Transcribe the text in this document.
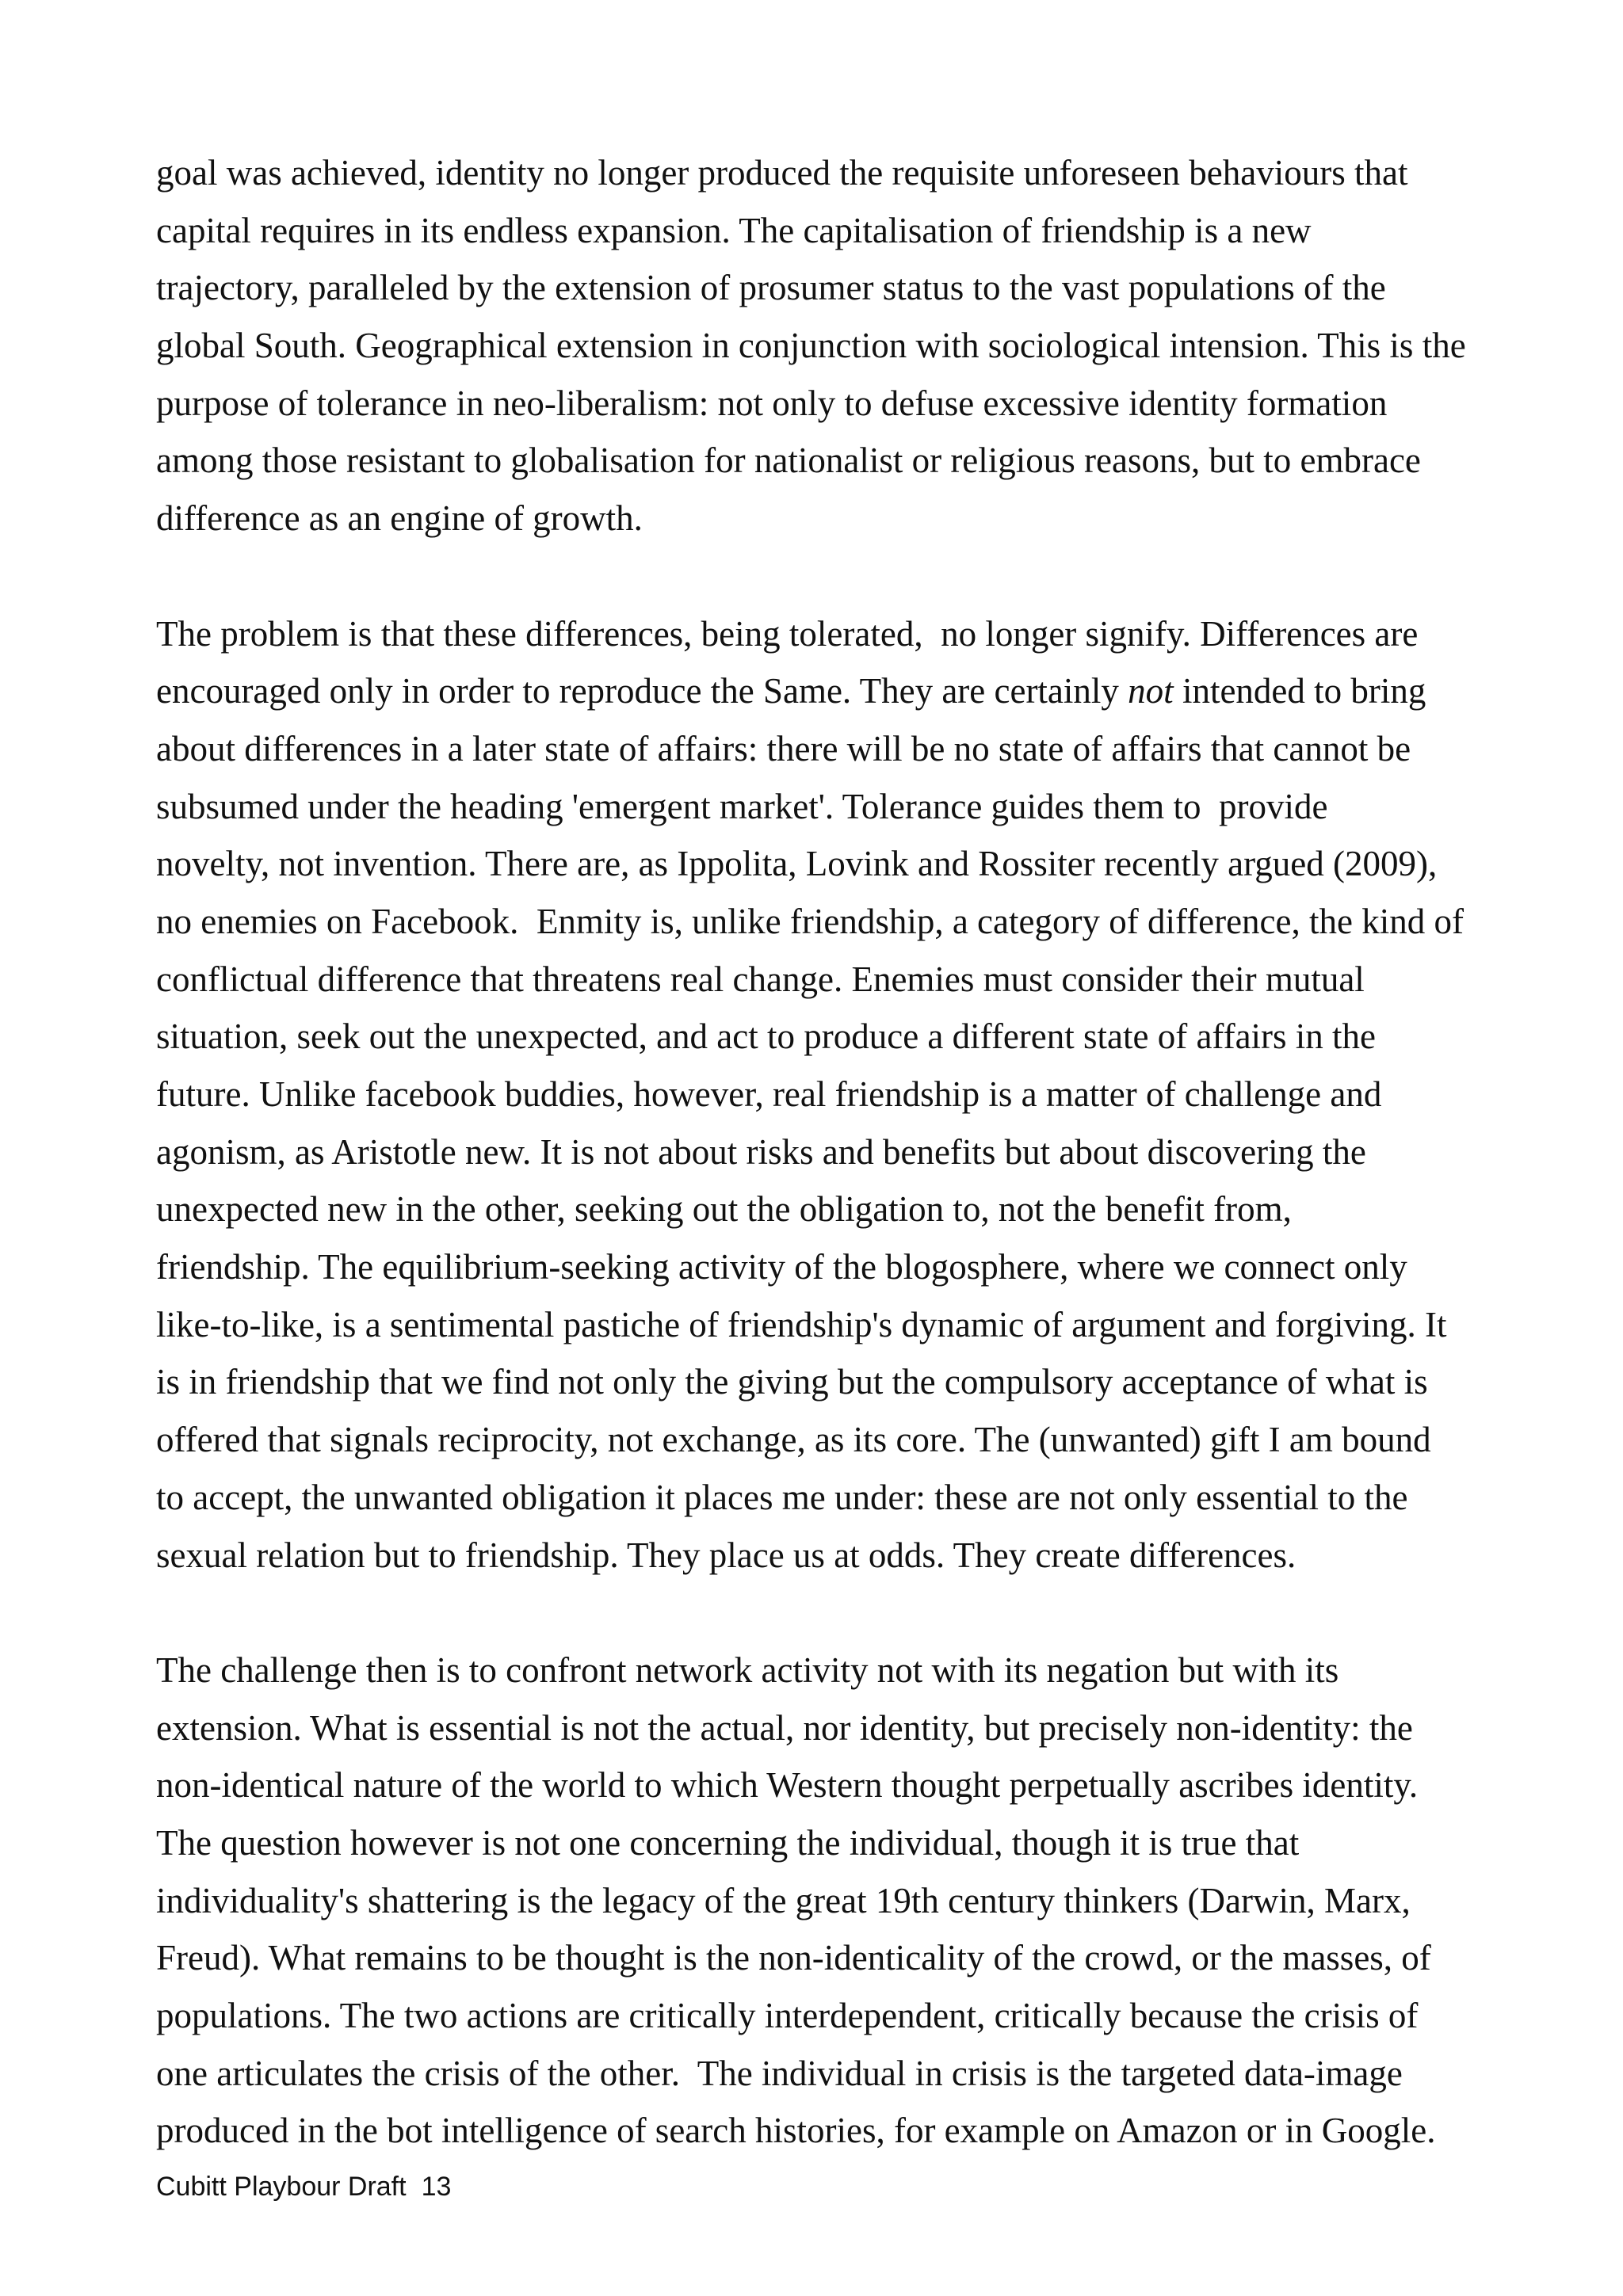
goal was achieved, identity no longer produced the requisite unforeseen behaviours that
capital requires in its endless expansion. The capitalisation of friendship is a new
trajectory, paralleled by the extension of prosumer status to the vast populations of the
global South. Geographical extension in conjunction with sociological intension. This is the
purpose of tolerance in neo-liberalism: not only to defuse excessive identity formation
among those resistant to globalisation for nationalist or religious reasons, but to embrace
difference as an engine of growth.
The problem is that these differences, being tolerated,  no longer signify. Differences are
encouraged only in order to reproduce the Same. They are certainly not intended to bring
about differences in a later state of affairs: there will be no state of affairs that cannot be
subsumed under the heading 'emergent market'. Tolerance guides them to  provide
novelty, not invention. There are, as Ippolita, Lovink and Rossiter recently argued (2009),
no enemies on Facebook.  Enmity is, unlike friendship, a category of difference, the kind of
conflictual difference that threatens real change. Enemies must consider their mutual
situation, seek out the unexpected, and act to produce a different state of affairs in the
future. Unlike facebook buddies, however, real friendship is a matter of challenge and
agonism, as Aristotle new. It is not about risks and benefits but about discovering the
unexpected new in the other, seeking out the obligation to, not the benefit from,
friendship. The equilibrium-seeking activity of the blogosphere, where we connect only
like-to-like, is a sentimental pastiche of friendship's dynamic of argument and forgiving. It
is in friendship that we find not only the giving but the compulsory acceptance of what is
offered that signals reciprocity, not exchange, as its core. The (unwanted) gift I am bound
to accept, the unwanted obligation it places me under: these are not only essential to the
sexual relation but to friendship. They place us at odds. They create differences.
The challenge then is to confront network activity not with its negation but with its
extension. What is essential is not the actual, nor identity, but precisely non-identity: the
non-identical nature of the world to which Western thought perpetually ascribes identity.
The question however is not one concerning the individual, though it is true that
individuality's shattering is the legacy of the great 19th century thinkers (Darwin, Marx,
Freud). What remains to be thought is the non-identicality of the crowd, or the masses, of
populations. The two actions are critically interdependent, critically because the crisis of
one articulates the crisis of the other.  The individual in crisis is the targeted data-image
produced in the bot intelligence of search histories, for example on Amazon or in Google.
Cubitt Playbour Draft 13
